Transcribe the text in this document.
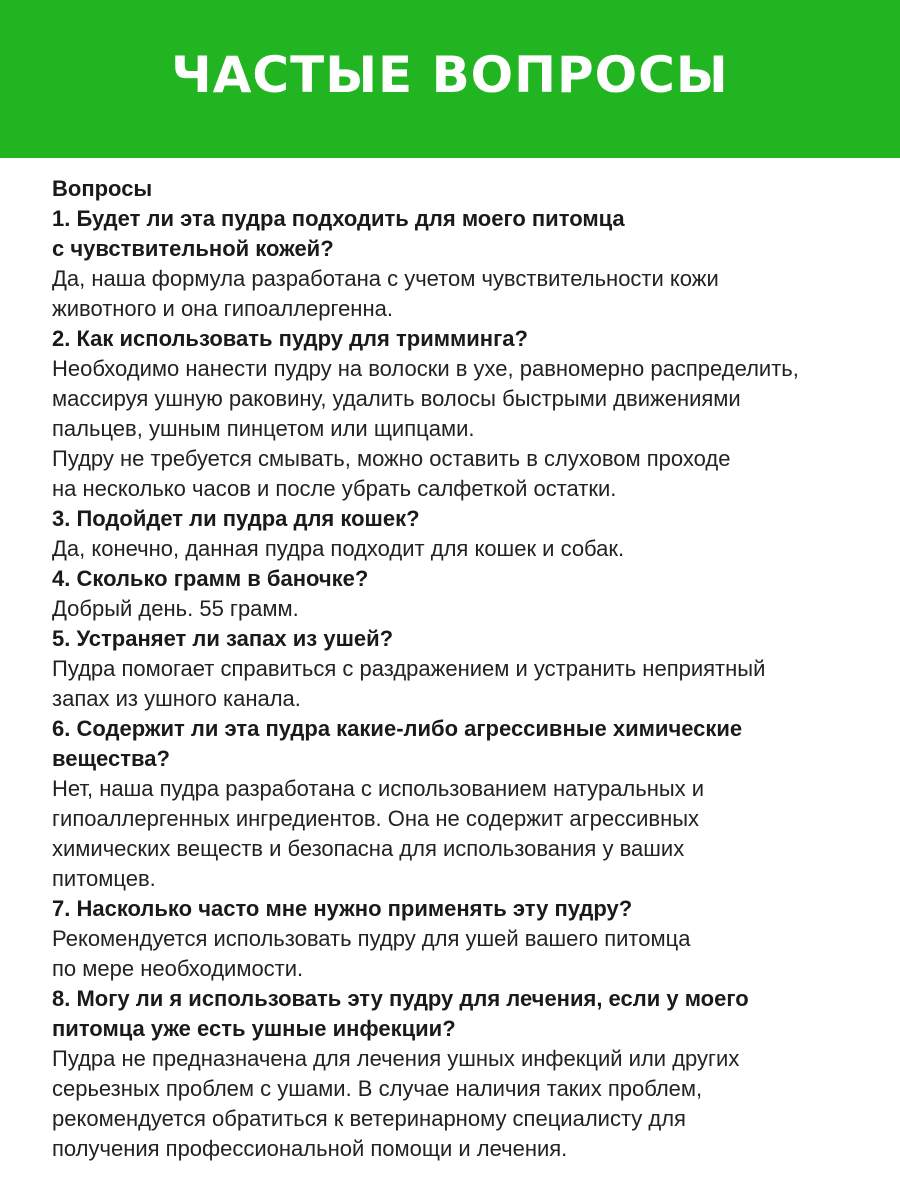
ЧАСТЫЕ ВОПРОСЫ
Вопросы
1. Будет ли эта пудра подходить для моего питомца
с чувствительной кожей?
Да, наша формула разработана с учетом чувствительности кожи
животного и она гипоаллергенна.
2. Как использовать пудру для тримминга?
Необходимо нанести пудру на волоски в ухе, равномерно распределить,
массируя ушную раковину, удалить волосы быстрыми движениями
пальцев, ушным пинцетом или щипцами.
Пудру не требуется смывать, можно оставить в слуховом проходе
на несколько часов и после убрать салфеткой остатки.
3. Подойдет ли пудра для кошек?
Да, конечно, данная пудра подходит для кошек и собак.
4. Сколько грамм в баночке?
Добрый день. 55 грамм.
5. Устраняет ли запах из ушей?
Пудра помогает справиться с раздражением и устранить неприятный
запах из ушного канала.
6. Содержит ли эта пудра какие-либо агрессивные химические
вещества?
Нет, наша пудра разработана с использованием натуральных и
гипоаллергенных ингредиентов. Она не содержит агрессивных
химических веществ и безопасна для использования у ваших
питомцев.
7. Насколько часто мне нужно применять эту пудру?
Рекомендуется использовать пудру для ушей вашего питомца
по мере необходимости.
8. Могу ли я использовать эту пудру для лечения, если у моего
питомца уже есть ушные инфекции?
Пудра не предназначена для лечения ушных инфекций или других
серьезных проблем с ушами. В случае наличия таких проблем,
рекомендуется обратиться к ветеринарному специалисту для
получения профессиональной помощи и лечения.
